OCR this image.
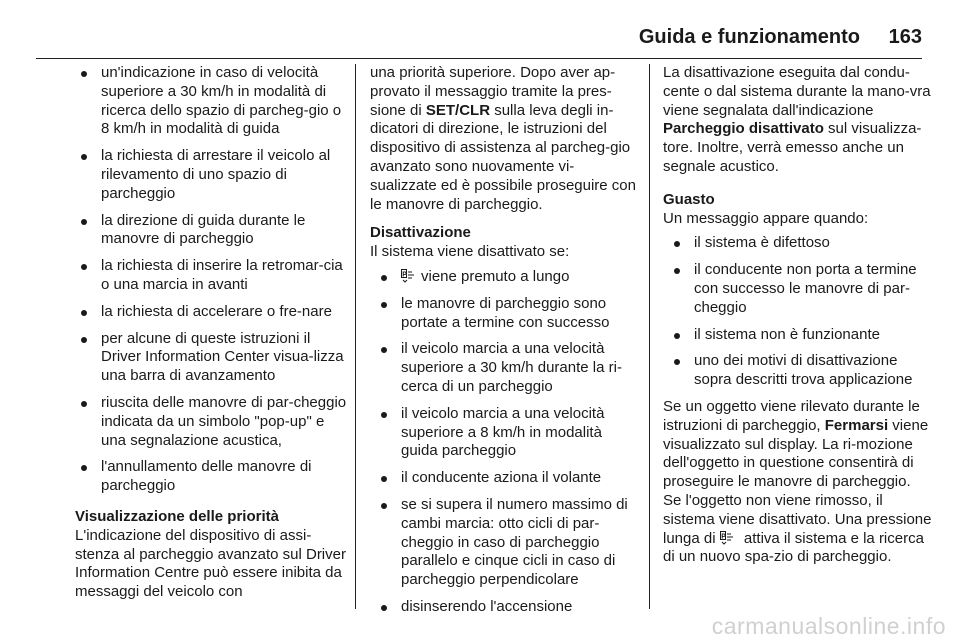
Guida e funzionamento 163
un'indicazione in caso di velocità superiore a 30 km/h in modalità di ricerca dello spazio di parcheg-gio o 8 km/h in modalità di guida
la richiesta di arrestare il veicolo al rilevamento di uno spazio di parcheggio
la direzione di guida durante le manovre di parcheggio
la richiesta di inserire la retromar-cia o una marcia in avanti
la richiesta di accelerare o fre-nare
per alcune di queste istruzioni il Driver Information Center visua-lizza una barra di avanzamento
riuscita delle manovre di par-cheggio indicata da un simbolo "pop-up" e una segnalazione acustica,
l'annullamento delle manovre di parcheggio

Visualizzazione delle priorità
L'indicazione del dispositivo di assi-stenza al parcheggio avanzato sul Driver Information Centre può essere inibita da messaggi del veicolo con

una priorità superiore. Dopo aver ap-provato il messaggio tramite la pres-sione di SET/CLR sulla leva degli in-dicatori di direzione, le istruzioni del dispositivo di assistenza al parcheg-gio avanzato sono nuovamente vi-sualizzate ed è possibile proseguire con le manovre di parcheggio.

Disattivazione
Il sistema viene disattivato se:

P viene premuto a lungo
le manovre di parcheggio sono portate a termine con successo
il veicolo marcia a una velocità superiore a 30 km/h durante la ri-cerca di un parcheggio
il veicolo marcia a una velocità superiore a 8 km/h in modalità guida parcheggio
il conducente aziona il volante
se si supera il numero massimo di cambi marcia: otto cicli di par-cheggio in caso di parcheggio parallelo e cinque cicli in caso di parcheggio perpendicolare
disinserendo l'accensione

La disattivazione eseguita dal condu-cente o dal sistema durante la mano-vra viene segnalata dall'indicazione Parcheggio disattivato sul visualizza-tore. Inoltre, verrà emesso anche un segnale acustico.

Guasto
Un messaggio appare quando:

il sistema è difettoso
il conducente non porta a termine con successo le manovre di par-cheggio
il sistema non è funzionante
uno dei motivi di disattivazione sopra descritti trova applicazione

Se un oggetto viene rilevato durante le istruzioni di parcheggio, Fermarsi viene visualizzato sul display. La ri-mozione dell'oggetto in questione consentirà di proseguire le manovre di parcheggio. Se l'oggetto non viene rimosso, il sistema viene disattivato. Una pressione lunga di P attiva il sistema e la ricerca di un nuovo spa-zio di parcheggio.

carmanualsonline.info
